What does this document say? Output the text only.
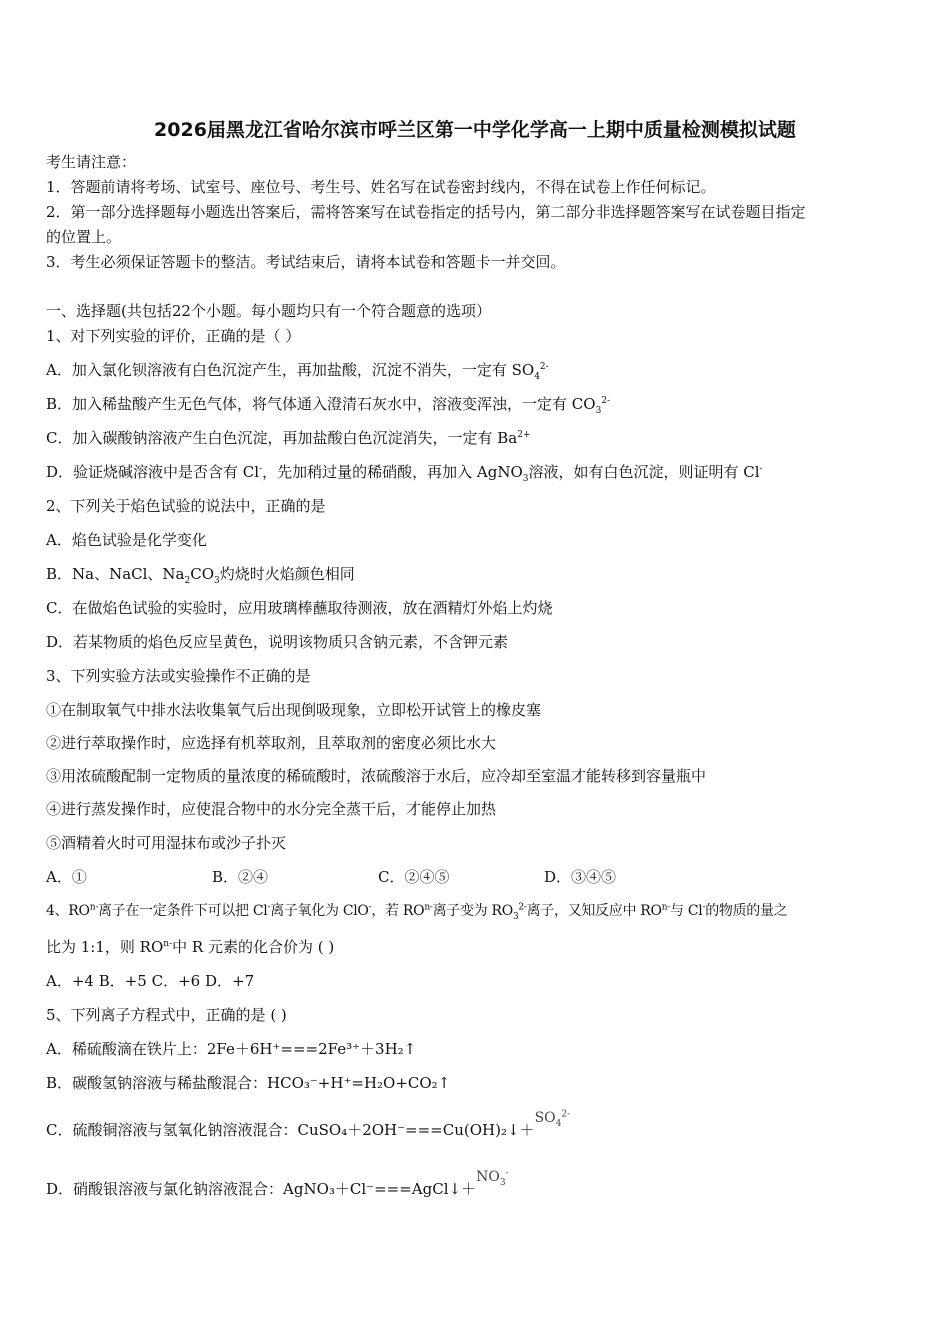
2026届黑龙江省哈尔滨市呼兰区第一中学化学高一上期中质量检测模拟试题
考生请注意：
1．答题前请将考场、试室号、座位号、考生号、姓名写在试卷密封线内，不得在试卷上作任何标记。
2．第一部分选择题每小题选出答案后，需将答案写在试卷指定的括号内，第二部分非选择题答案写在试卷题目指定
的位置上。
3．考生必须保证答题卡的整洁。考试结束后，请将本试卷和答题卡一并交回。
一、选择题(共包括22个小题。每小题均只有一个符合题意的选项）
1、对下列实验的评价，正确的是（ ）
A．加入氯化钡溶液有白色沉淀产生，再加盐酸，沉淀不消失，一定有 $SO_4^{2-}$
B．加入稀盐酸产生无色气体，将气体通入澄清石灰水中，溶液变浑浊，一定有 $CO_3^{2-}$
C．加入碳酸钠溶液产生白色沉淀，再加盐酸白色沉淀消失，一定有 $Ba^{2+}$
D．验证烧碱溶液中是否含有 Cl-，先加稍过量的稀硝酸，再加入 AgNO$_3$溶液，如有白色沉淀，则证明有 Cl-
2、下列关于焰色试验的说法中，正确的是
A．焰色试验是化学变化
B．Na、NaCl、$Na_2CO_3$灼烧时火焰颜色相同
C．在做焰色试验的实验时，应用玻璃棒蘸取待测液，放在酒精灯外焰上灼烧
D．若某物质的焰色反应呈黄色，说明该物质只含钠元素，不含钾元素
3、下列实验方法或实验操作不正确的是
①在制取氧气中排水法收集氧气后出现倒吸现象，立即松开试管上的橡皮塞
②进行萃取操作时，应选择有机萃取剂，且萃取剂的密度必须比水大
③用浓硫酸配制一定物质的量浓度的稀硫酸时，浓硫酸溶于水后，应冷却至室温才能转移到容量瓶中
④进行蒸发操作时，应使混合物中的水分完全蒸干后，才能停止加热
⑤酒精着火时可用湿抹布或沙子扑灭
A．①	B．②④	C．②④⑤	D．③④⑤
4、$RO^{n-}$离子在一定条件下可以把 Cl-离子氧化为 ClO-，若 $RO^{n-}$离子变为 $RO_3^{2-}$离子，又知反应中 $RO^{n-}$与 Cl-的物质的量之
比为 1:1，则 $RO^{n-}$中 R 元素的化合价为 ( )
A．+4 B．+5 C．+6 D．+7
5、下列离子方程式中，正确的是 ( )
A．稀硫酸滴在铁片上：2Fe＋6H⁺===2Fe³⁺＋3H₂↑
B．碳酸氢钠溶液与稀盐酸混合：HCO₃⁻+H⁺=H₂O+CO₂↑
C．硫酸铜溶液与氢氧化钠溶液混合：$CuSO_4+2OH^-===Cu(OH)_2↓+SO_4^{2-}$
D．硝酸银溶液与氯化钠溶液混合：$AgNO_3+Cl^-===AgCl↓+NO_3^-$
